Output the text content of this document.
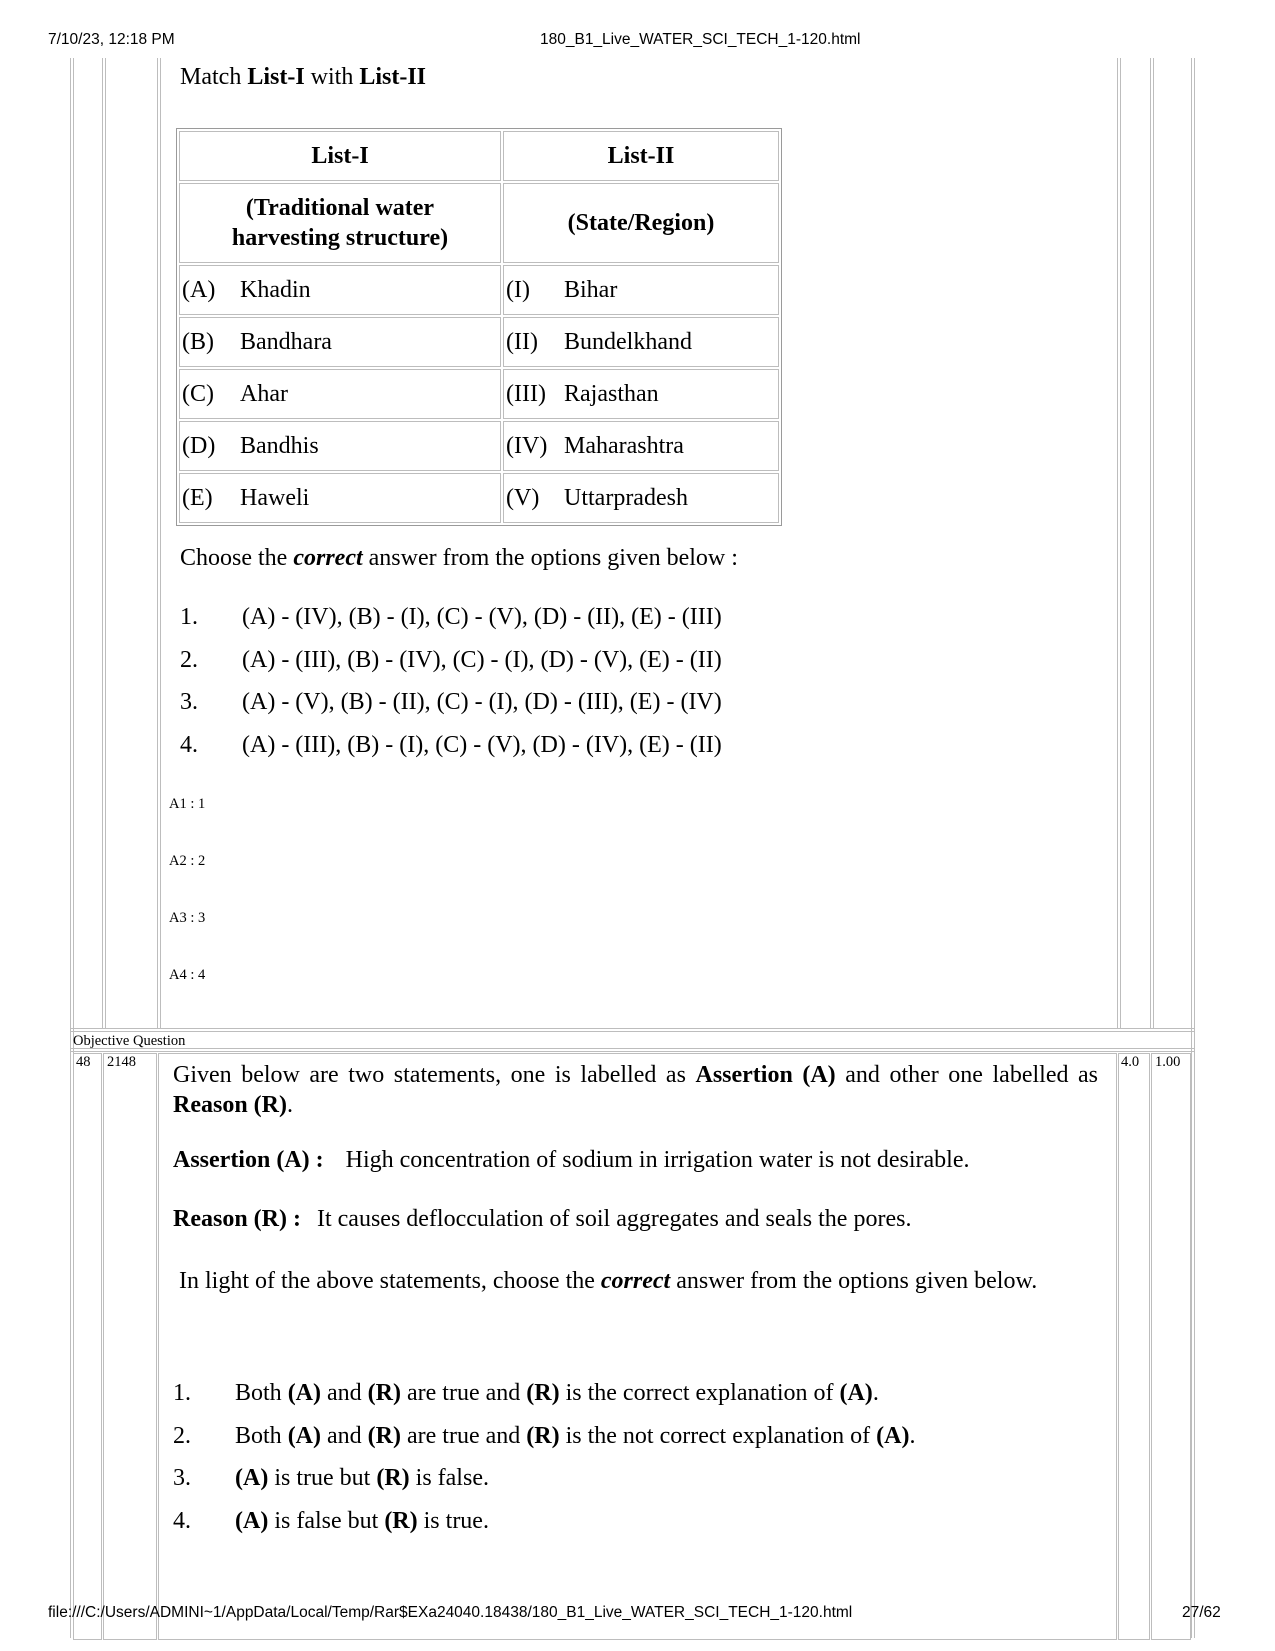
7/10/23, 12:18 PM	180_B1_Live_WATER_SCI_TECH_1-120.html
Objective Question
48 2148	4.0 1.00
Match List-I with List-II
List-I	List-II
(Traditional water
harvesting structure)	(State/Region)
(A) Khadin	(I) Bihar
(B) Bandhara	(II) Bundelkhand
(C) Ahar	(III) Rajasthan
(D) Bandhis	(IV) Maharashtra
(E) Haweli	(V) Uttarpradesh
Choose the correct answer from the options given below :
1. (A) - (IV), (B) - (I), (C) - (V), (D) - (II), (E) - (III)
2. (A) - (III), (B) - (IV), (C) - (I), (D) - (V), (E) - (II)
3. (A) - (V), (B) - (II), (C) - (I), (D) - (III), (E) - (IV)
4. (A) - (III), (B) - (I), (C) - (V), (D) - (IV), (E) - (II)
A1 : 1
A2 : 2
A3 : 3
A4 : 4
Given below are two statements, one is labelled as Assertion (A) and other one labelled as Reason (R).
Assertion (A) : High concentration of sodium in irrigation water is not desirable.
Reason (R) : It causes deflocculation of soil aggregates and seals the pores.
In light of the above statements, choose the correct answer from the options given below.
1. Both (A) and (R) are true and (R) is the correct explanation of (A).
2. Both (A) and (R) are true and (R) is the not correct explanation of (A).
3. (A) is true but (R) is false.
4. (A) is false but (R) is true.
file:///C:/Users/ADMINI~1/AppData/Local/Temp/Rar$EXa24040.18438/180_B1_Live_WATER_SCI_TECH_1-120.html	27/62
